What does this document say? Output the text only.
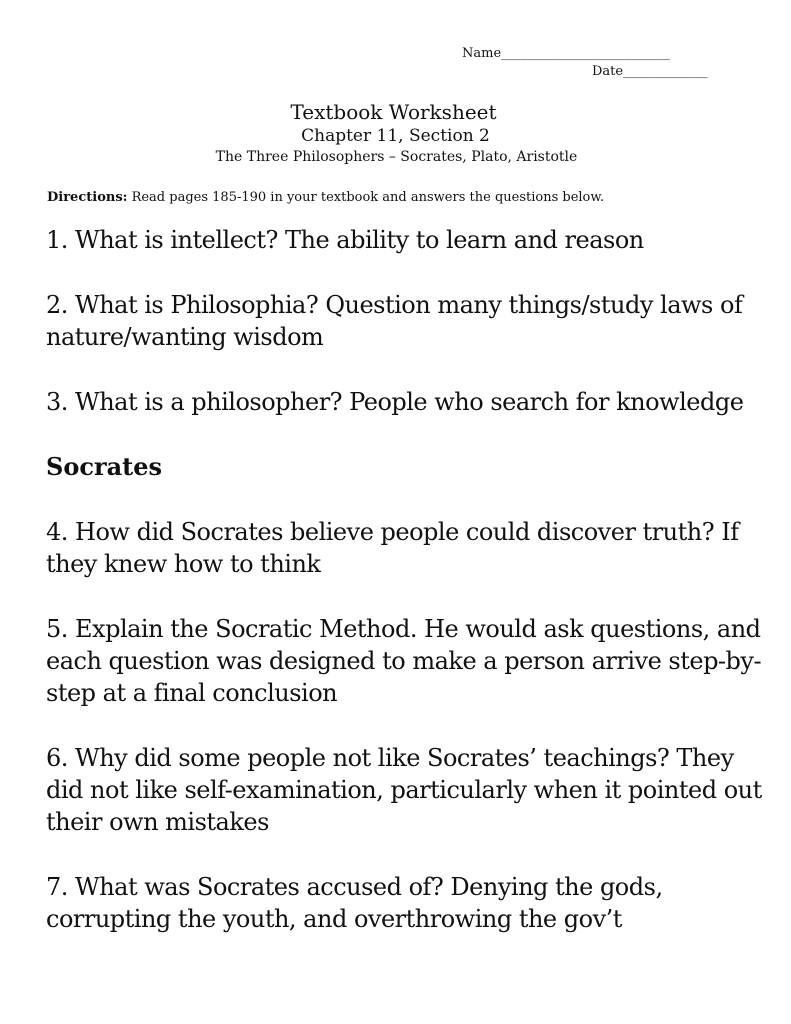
Name__________________________
Date_____________
Textbook Worksheet
Chapter 11, Section 2
The Three Philosophers – Socrates, Plato, Aristotle
Directions: Read pages 185-190 in your textbook and answers the questions below.

1. What is intellect? The ability to learn and reason

2. What is Philosophia? Question many things/study laws of nature/wanting wisdom

3. What is a philosopher? People who search for knowledge

Socrates

4. How did Socrates believe people could discover truth? If they knew how to think

5. Explain the Socratic Method. He would ask questions, and each question was designed to make a person arrive step-by-step at a final conclusion

6. Why did some people not like Socrates’ teachings? They did not like self-examination, particularly when it pointed out their own mistakes

7. What was Socrates accused of? Denying the gods, corrupting the youth, and overthrowing the gov’t
